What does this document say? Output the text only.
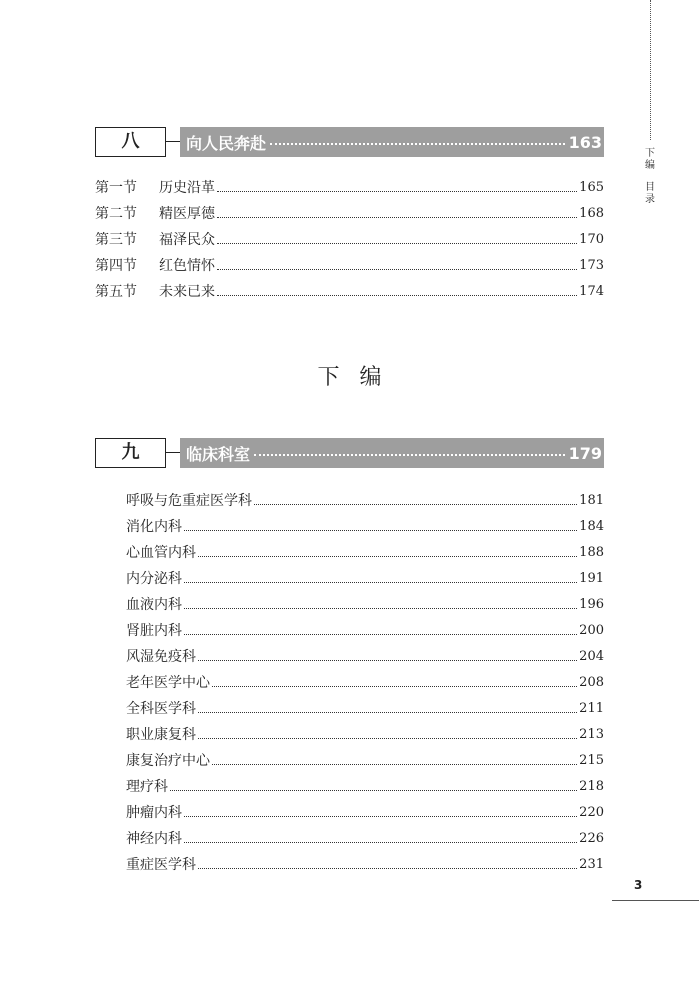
下编
目录
八	向人民奔赴	163
第一节 历史沿革	165
第二节 精医厚德	168
第三节 福泽民众	170
第四节 红色情怀	173
第五节 未来已来	174
下编
九	临床科室	179
呼吸与危重症医学科	181
消化内科	184
心血管内科	188
内分泌科	191
血液内科	196
肾脏内科	200
风湿免疫科	204
老年医学中心	208
全科医学科	211
职业康复科	213
康复治疗中心	215
理疗科	218
肿瘤内科	220
神经内科	226
重症医学科	231
3
